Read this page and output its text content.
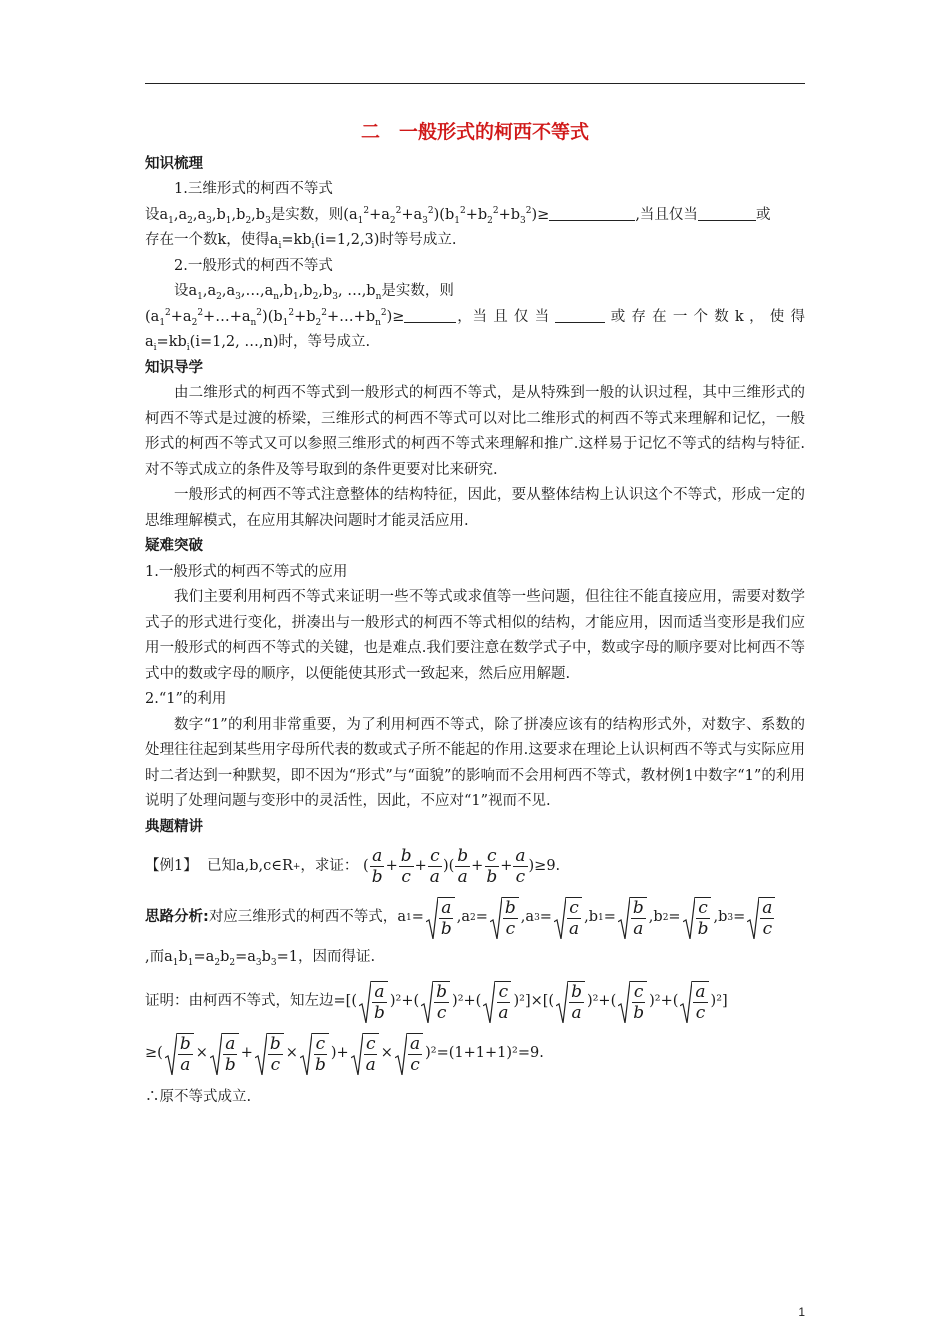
二　一般形式的柯西不等式
知识梳理

1.三维形式的柯西不等式

设$a_1,a_2,a_3,b_1,b_2,b_3$是实数，则$(a_1^2+a_2^2+a_3^2)(b_1^2+b_2^2+b_3^2)\ge$	,当且仅当	或

存在一个数k，使得$a_i=kb_i(i=1,2,3)$时等号成立.

2.一般形式的柯西不等式

设$a_1,a_2,a_3,\dots,a_n,b_1,b_2,b_3$, $\dots,b_n$是实数，则

$(a_1^2+a_2^2+\dots+a_n^2)(b_1^2+b_2^2+\dots+b_n^2)\ge$	，当 且 仅 当	或 存 在 一 个 数 k ， 使 得

$a_i=kb_i(i=1,2$, …,n)时，等号成立.

知识导学

由二维形式的柯西不等式到一般形式的柯西不等式，是从特殊到一般的认识过程，其中三维形式的柯西不等式是过渡的桥梁，三维形式的柯西不等式可以对比二维形式的柯西不等式来理解和记忆，一般形式的柯西不等式又可以参照三维形式的柯西不等式来理解和推广.这样易于记忆不等式的结构与特征.对不等式成立的条件及等号取到的条件更要对比来研究.

一般形式的柯西不等式注意整体的结构特征，因此，要从整体结构上认识这个不等式，形成一定的思维理解模式，在应用其解决问题时才能灵活应用.

疑难突破

1.一般形式的柯西不等式的应用

我们主要利用柯西不等式来证明一些不等式或求值等一些问题，但往往不能直接应用，需要对数学式子的形式进行变化，拼凑出与一般形式的柯西不等式相似的结构，才能应用，因而适当变形是我们应用一般形式的柯西不等式的关键，也是难点.我们要注意在数学式子中，数或字母的顺序要对比柯西不等式中的数或字母的顺序，以便能使其形式一致起来，然后应用解题.

2.“1”的利用

数字“1”的利用非常重要，为了利用柯西不等式，除了拼凑应该有的结构形式外，对数字、系数的处理往往起到某些用字母所代表的数或式子所不能起的作用.这要求在理论上认识柯西不等式与实际应用时二者达到一种默契，即不因为“形式”与“面貌”的影响而不会用柯西不等式，教材例1中数字“1”的利用说明了处理问题与变形中的灵活性，因此，不应对“1”视而不见.

典题精讲
【例1】
已知a,b,c∈R + ，求证： ( $\frac{a}{b} + \frac{b}{c} + \frac{c}{a}$ )( $\frac{b}{a} + \frac{c}{b} + \frac{a}{c}$ ) ≥9.
思路分析: 对应三维形式的柯西不等式， a $1 = \frac{a}{b} ,a$ $2 = \frac{b}{c} ,a$ $3 = \frac{c}{a} ,b$ $1 = \frac{b}{a} ,b$ $2 = \frac{c}{b} ,b$ $3 = \frac{a}{c}$

,而$a_1b_1=a_2b_2=a_3b_3=1$，因而得证.

证明：由柯西不等式，知左边= [( $\frac{a}{b} )^2+( \frac{b}{c} )^2+( \frac{c}{a} )^2]\times[( \frac{b}{a} )^2+( \frac{c}{b} )^2+( \frac{a}{c} )^2]$
≥( $\frac{b}{a} \times \frac{a}{b} + \frac{b}{c} \times \frac{c}{b}$ )+ $\frac{c}{a} \times \frac{a}{c} )^2=(1+1+1)^2=9$.

∴原不等式成立.

1
